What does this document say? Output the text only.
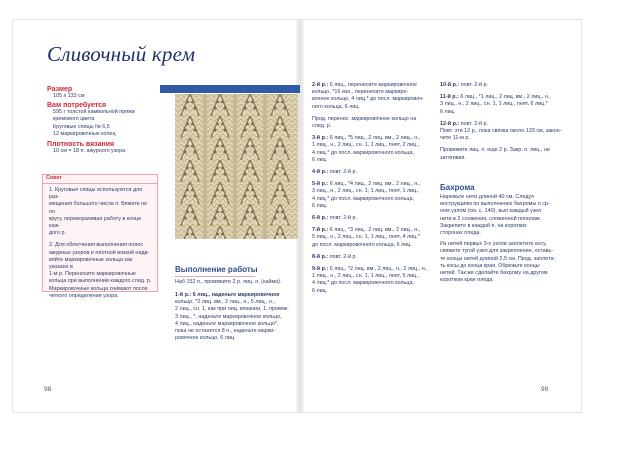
Сливочный крем
Размер
105 x 133 см
Вам потребуется
595 г толстой камвольной пряжи
кремового цвета
Круговые спицы № 6,5
12 маркировочных колец
Плотность вязания
10 см = 18 п. ажурного узора
Совет
1. Круговые спицы используются для раз-
мещения большого числа п. Вяжите не по
кругу, переворачивая работу в конце каж-
дого р.
2. Для облегчения выполнения полос
ажурных узоров и плотной вязкой надв-
вяйте маркировочные кольца как указано в
1-м р. Переносите маркировочные
кольца при выполнении каждого след. р.
Маркировочные кольца снимают после
четкого определения узора.
Выполнение работы
Наб 152 п., провяжите 2 р. лиц. п. (кайма).
1-й р.: 6 лиц., наденьте маркировочное
кольцо, *2 лиц. вм., 2 лиц., н., 5 лиц., н.,
2 лиц., сн. 1, как при лиц. вязании, 1, провяж.
3 лиц., *, наденьте маркировочное кольцо,
4 лиц., наденьте маркировочное кольцо*,
пока не останется 8 п., наденьте марки-
ровочное кольцо, 6 лиц.
98
2-й р.: 6 лиц., перенесите маркировочное
кольцо, *16 изн., перенесите маркиро-
вочное кольцо, 4 лиц.* до посл. маркировоч-
ного кольца, 6 лиц.
Прод. перенос. маркировочное кольцо на
след. р.
3-й р.: 6 лиц., *5 лиц., 2 лиц. вм., 2 лиц., н.,
1 лиц., н., 2 лиц., сн. 1, 1 лиц., пнят, 2 лиц.,
4 лиц.* до посл. маркировочного кольца,
6 лиц.
4-й р.: повт. 2-й р.
5-й р.: 6 лиц., *4 лиц., 2 лиц. вм., 2 лиц., н.,
3 лиц., н., 2 лиц., сн. 1, 1 лиц., пнят, 1 лиц.,
4 лиц.* до посл. маркировочного кольца,
6 лиц.
6-й р.: повт. 2-й р.
7-й р.: 6 лиц., *3 лиц., 2 лиц. вм., 2 лиц., н.,
5 лиц., н., 2 лиц., сн. 1, 1 лиц., пнят, 4 лиц.*
до посл. маркировочного кольца, 6 лиц.
8-й р.: повт. 2-й р.
9-й р.: 6 лиц., *2 лиц. вм., 2 лиц., н., 2 лиц., н.,
1 лиц., н., 2 лиц., сн. 1, 1 лиц., пнят, 5 лиц.,
4 лиц.* до посл. маркировочного кольца,
6 лиц.
10-й р.: повт. 2-й р.
11-й р.: 6 лиц., *1 лиц., 2 лиц. вм., 2 лиц., н.,
3 лиц., н., 2 лиц., сн. 1, 1 лиц., пнят, 6 лиц.*
6 лиц.
12-й р.: повт. 2-й р.
Повт. эти 12 р., пока связка около 133 см, закон-
чите 11-м р.
Провяжите лиц. п. еще 2 р. Закр. п. лиц., не
затягивая.
Бахрома
Нарежьте нити длиной 40 см. Следуя
инструкциям по выполнению бахромы о ср-
ном узлом (см. с. 140), вып каждый узел
нити в 2 сложения, сложенной пополам.
Закрепите в каждой п. на коротких
сторонах пледа.
Из нитей первых 3-х узлов заплетите косу,
свяжите тугой узел для закрепления, оставь-
те концы нитей длиной 2,5 см. Прод. заплета-
ть косы до конца края. Обрежьте концы
нитей. Так же сделайте бахрому на другом
коротком крае пледа.
99
